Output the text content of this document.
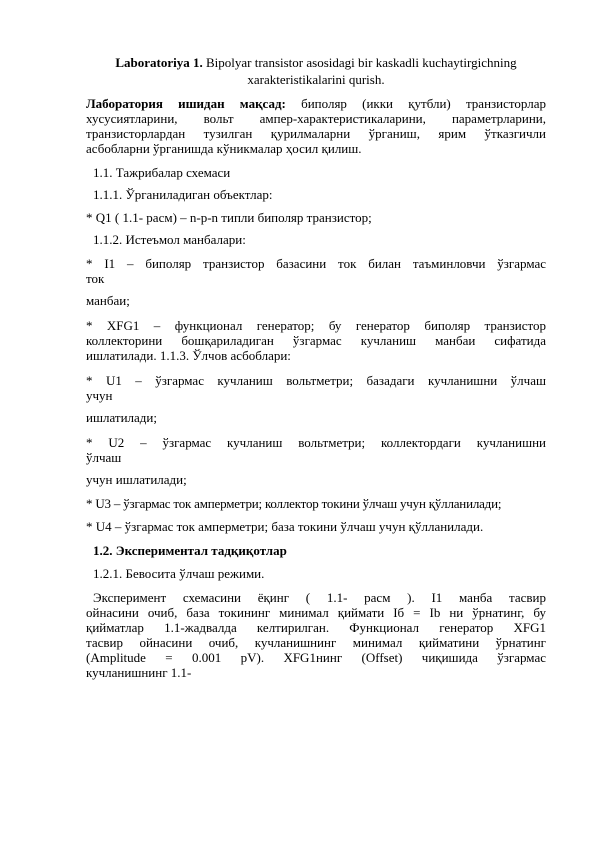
Laboratoriya 1. Bipolyar transistor asosidagi bir kaskadli kuchaytirgichning
xarakteristikalarini qurish.
Лаборатория ишидан мақсад: биполяр (икки қутбли) транзисторлар
хусусиятларини, вольт ампер-характеристикаларини, параметрларини,
транзисторлардан тузилган қурилмаларни ўрганиш, ярим ўтказгичли
асбобларни ўрганишда кўникмалар ҳосил қилиш.
1.1. Тажрибалар схемаси
1.1.1. Ўрганиладиган объектлар:
* Q1 ( 1.1- расм) – n-p-n типли биполяр транзистор;
1.1.2. Истеъмол манбалари:
* I1 – биполяр транзистор базасини ток билан таъминловчи ўзгармас
ток
манбаи;
* XFG1 – функционал генератор; бу генератор биполяр транзистор
коллекторини бошқариладиган ўзгармас кучланиш манбаи сифатида
ишлатилади. 1.1.3. Ўлчов асбоблари:
* U1 – ўзгармас кучланиш вольтметри; базадаги кучланишни ўлчаш
учун
ишлатилади;
* U2 – ўзгармас кучланиш вольтметри; коллектордаги кучланишни
ўлчаш
учун ишлатилади;
* U3 – ўзгармас ток амперметри; коллектор токини ўлчаш учун қўлланилади;
* U4 – ўзгармас ток амперметри; база токини ўлчаш учун қўлланилади.
1.2. Экспериментал тадқиқотлар
1.2.1. Бевосита ўлчаш режими.
Эксперимент схемасини ёқинг ( 1.1- расм ). I1 манба тасвир
ойнасини очиб, база токининг минимал қиймати Iб = Ib ни ўрнатинг, бу
қийматлар 1.1-жадвалда келтирилган. Функционал генератор XFG1
тасвир ойнасини очиб, кучланишнинг минимал қийматини ўрнатинг
(Amplitude = 0.001 pV). XFG1нинг (Offset) чиқишида ўзгармас
кучланишнинг 1.1-
